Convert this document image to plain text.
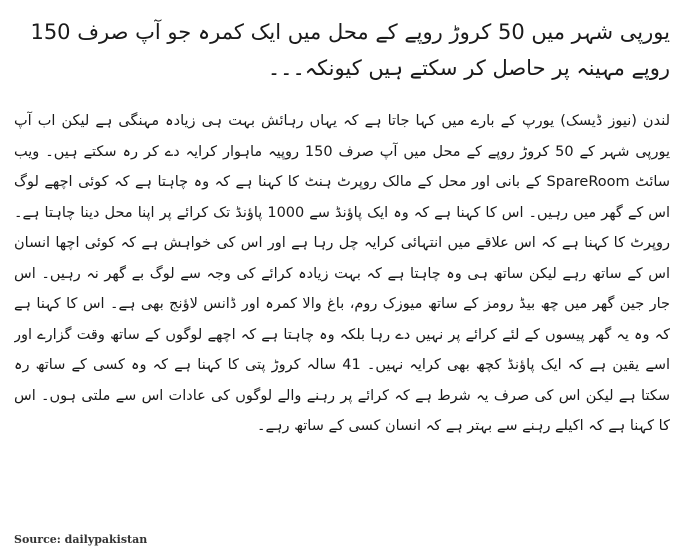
یورپی شہر میں 50 کروڑ روپے کے محل میں ایک کمرہ جو آپ صرف 150 روپے مہینہ پر حاصل کر سکتے ہیں کیونکہ۔۔۔

لندن (نیوز ڈیسک) یورپ کے بارے میں کہا جاتا ہے کہ یہاں رہائش بہت ہی زیادہ مہنگی ہے لیکن اب آپ یورپی شہر کے 50 کروڑ روپے کے محل میں آپ صرف 150 روپیہ ماہوار کرایہ دے کر رہ سکتے ہیں۔ ویب سائٹ SpareRoom کے بانی اور محل کے مالک روپرٹ ہنٹ کا کہنا ہے کہ وہ چاہتا ہے کہ کوئی اچھے لوگ اس کے گھر میں رہیں۔ اس کا کہنا ہے کہ وہ ایک پاؤنڈ سے 1000 پاؤنڈ تک کرائے پر اپنا محل دینا چاہتا ہے۔ روپرٹ کا کہنا ہے کہ اس علاقے میں انتہائی کرایہ چل رہا ہے اور اس کی خواہش ہے کہ کوئی اچھا انسان اس کے ساتھ رہے لیکن ساتھ ہی وہ چاہتا ہے کہ بہت زیادہ کرائے کی وجہ سے لوگ بے گھر نہ رہیں۔ اس جار جین گھر میں چھ بیڈ رومز کے ساتھ میوزک روم، باغ والا کمرہ اور ڈانس لاؤنج بھی ہے۔ اس کا کہنا ہے کہ وہ یہ گھر پیسوں کے لئے کرائے پر نہیں دے رہا بلکہ وہ چاہتا ہے کہ اچھے لوگوں کے ساتھ وقت گزارے اور اسے یقین ہے کہ ایک پاؤنڈ کچھ بھی کرایہ نہیں۔ 41 سالہ کروڑ پتی کا کہنا ہے کہ وہ کسی کے ساتھ رہ سکتا ہے لیکن اس کی صرف یہ شرط ہے کہ کرائے پر رہنے والے لوگوں کی عادات اس سے ملتی ہوں۔ اس کا کہنا ہے کہ اکیلے رہنے سے بہتر ہے کہ انسان کسی کے ساتھ رہے۔

Source: dailypakistan
